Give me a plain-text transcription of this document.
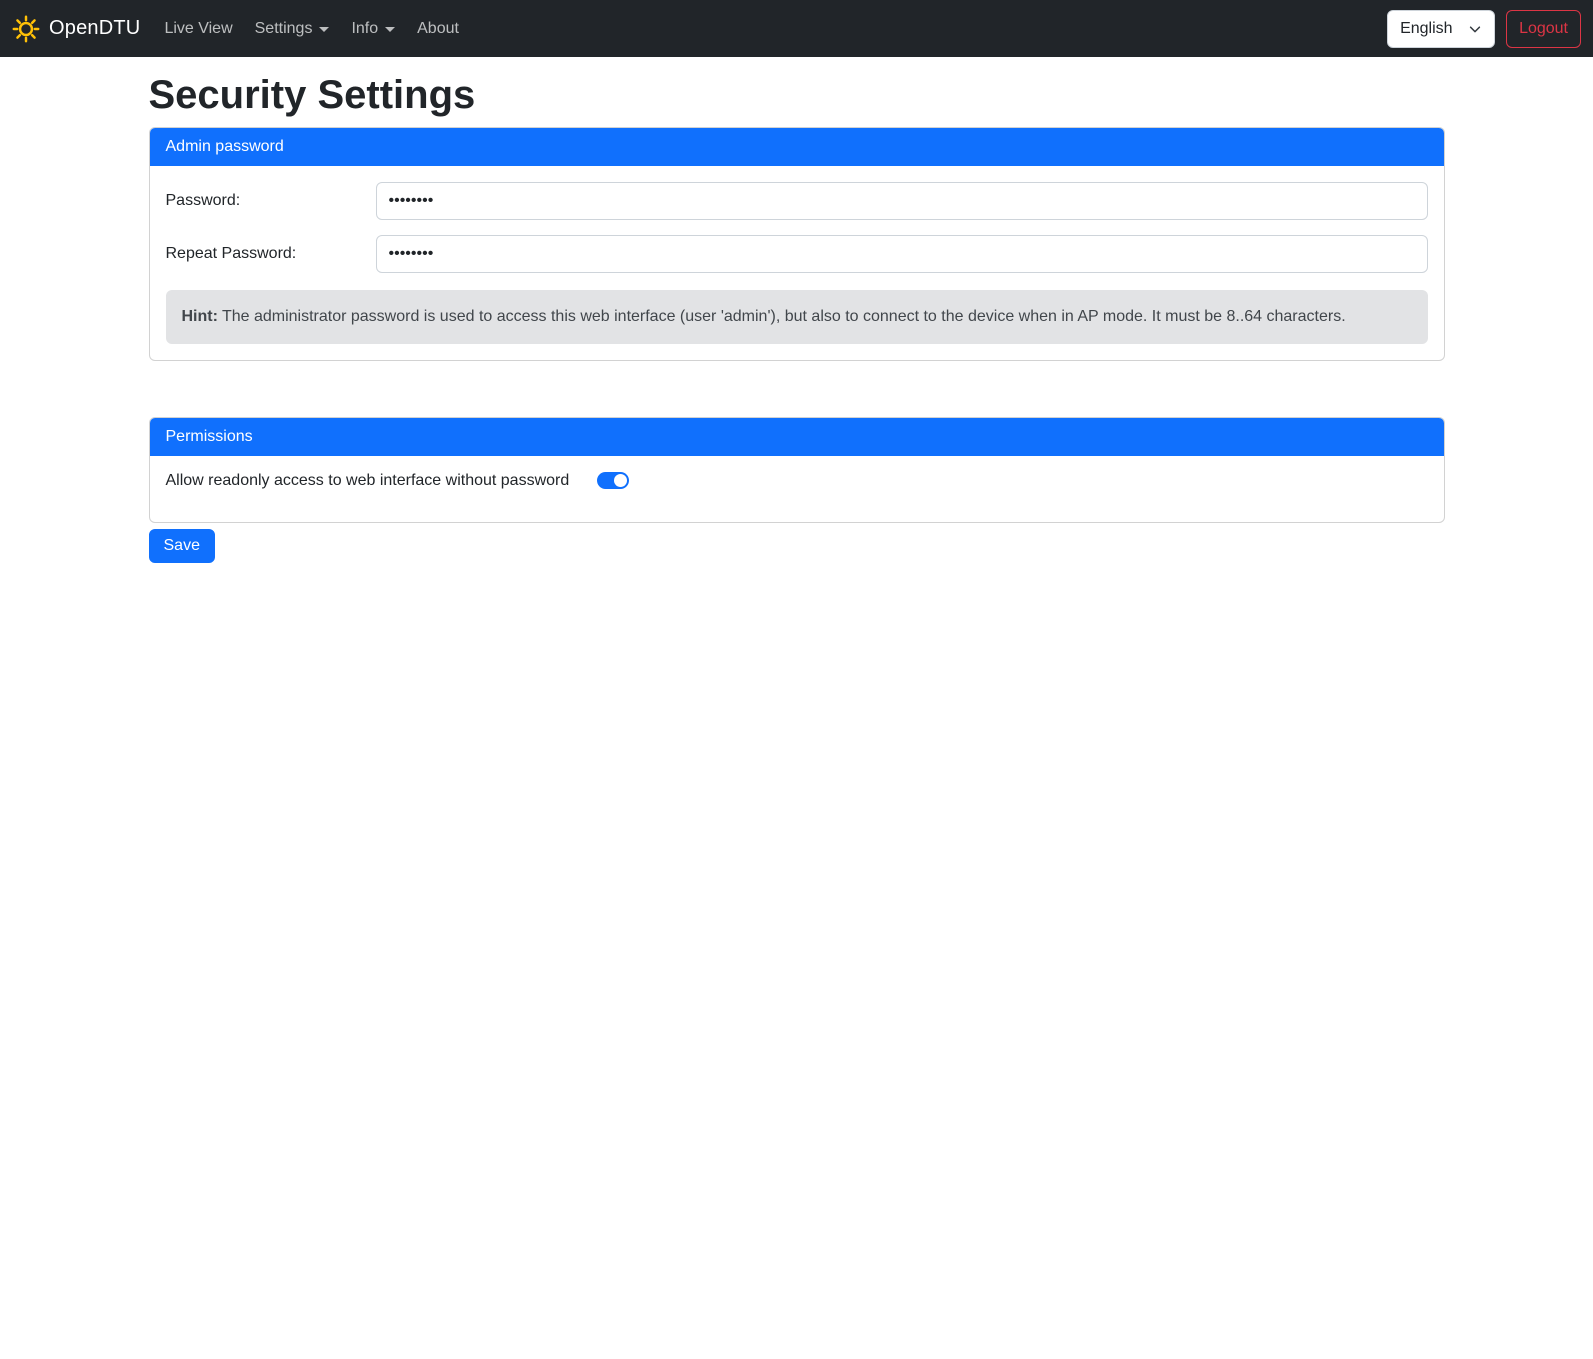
OpenDTU Live View Settings Info About	English	Logout
Security Settings
Admin password
Password:
Repeat Password:
Hint: The administrator password is used to access this web interface (user 'admin'), but also to connect to the device when in AP mode. It must be 8..64 characters.
Permissions
Allow readonly access to web interface without password
Save
